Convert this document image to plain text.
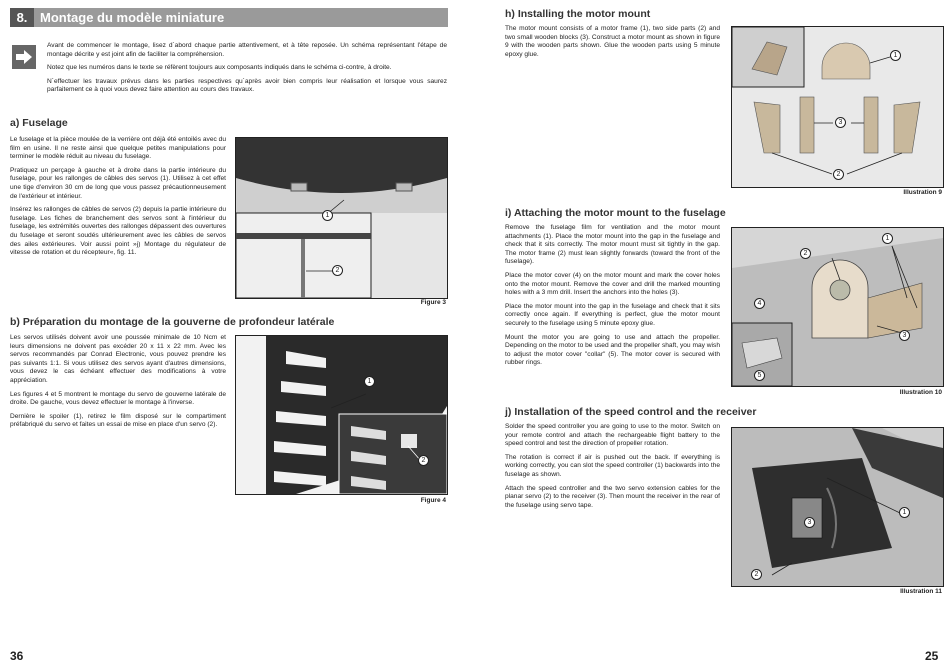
8. Montage du modèle miniature

Avant de commencer le montage, lisez d´abord chaque partie attentivement, et à tête reposée. Un schéma représentant l'étape de montage décrite y est joint afin de faciliter la compréhension.

Notez que les numéros dans le texte se réfèrent toujours aux composants indiqués dans le schéma ci-contre, à droite.

N´effectuer les travaux prévus dans les parties respectives qu´après avoir bien compris leur réalisation et lorsque vous saurez parfaitement ce à quoi vous devez faire attention au cours des travaux.

a) Fuselage

Le fuselage et la pièce moulée de la verrière ont déjà été entoilés avec du film en usine. Il ne reste ainsi que quelque petites manipulations pour terminer le modèle réduit au niveau du fuselage.

Pratiquez un perçage à gauche et à droite dans la partie intérieure du fuselage, pour les rallonges de câbles des servos (1). Utilisez à cet effet une tige d'environ 30 cm de long que vous passez précautionneusement de l'extérieur et intérieur.

Insérez les rallonges de câbles de servos (2) depuis la partie intérieure du fuselage. Les fiches de branchement des servos sont à l'intérieur du fuselage, les extrémités ouvertes des rallonges dépassent des ouvertures du fuselage et seront soudés ultérieurement avec les câbles de servos des ailes extérieures. Voir aussi point »j) Montage du régulateur de vitesse de rotation et du récepteur«, fig. 11.

1
2
Figure 3
b) Préparation du montage de la gouverne de profondeur latérale

Les servos utilisés doivent avoir une poussée minimale de 10 Ncm et leurs dimensions ne doivent pas excéder 20 x 11 x 22 mm. Avec les servos recommandés par Conrad Electronic, vous pouvez prendre les pas suivants 1:1. Si vous utilisez des servos ayant d'autres dimensions, vous devez le cas échéant effectuer des modifications à votre appréciation.

Les figures 4 et 5 montrent le montage du servo de gouverne latérale de droite. De gauche, vous devez effectuer le montage à l'inverse.

Dernière le spoiler (1), retirez le film disposé sur le compartiment préfabriqué du servo et faites un essai de mise en place d'un servo (2).

1
2
Figure 4
36
h) Installing the motor mount

The motor mount consists of a motor frame (1), two side parts (2) and two small wooden blocks (3). Construct a motor mount as shown in figure 9 with the wooden parts shown. Glue the wooden parts using 5 minute epoxy glue.	1
3
2
Illustration 9
i) Attaching the motor mount to the fuselage

Remove the fuselage film for ventilation and the motor mount attachments (1). Place the motor mount into the gap in the fuselage and check that it sits correctly. The motor mount must sit tightly in the gap. The motor frame (2) must lean slightly forwards (toward the front of the fuselage).

Place the motor cover (4) on the motor mount and mark the cover holes onto the motor mount. Remove the cover and drill the marked mounting holes with a 3 mm drill. Insert the anchors into the holes (3).

Place the motor mount into the gap in the fuselage and check that it sits correctly once again. If everything is perfect, glue the motor mount securely to the fuselage using 5 minute epoxy glue.

Mount the motor you are going to use and attach the propeller. Depending on the motor to be used and the propeller shaft, you may wish to adjust the motor cover "collar" (5). The motor cover is secured with rubber rings.

1
2
3
4
5
Illustration 10
j) Installation of the speed control and the receiver

Solder the speed controller you are going to use to the motor. Switch on your remote control and attach the rechargeable flight battery to the speed control and test the direction of propeller rotation.

The rotation is correct if air is pushed out the back. If everything is working correctly, you can slot the speed controller (1) backwards into the fuselage as shown.

Attach the speed controller and the two servo extension cables for the planar servo (2) to the receiver (3). Then mount the receiver in the rear of the fuselage using servo tape.

1
2
3
Illustration 11
25
